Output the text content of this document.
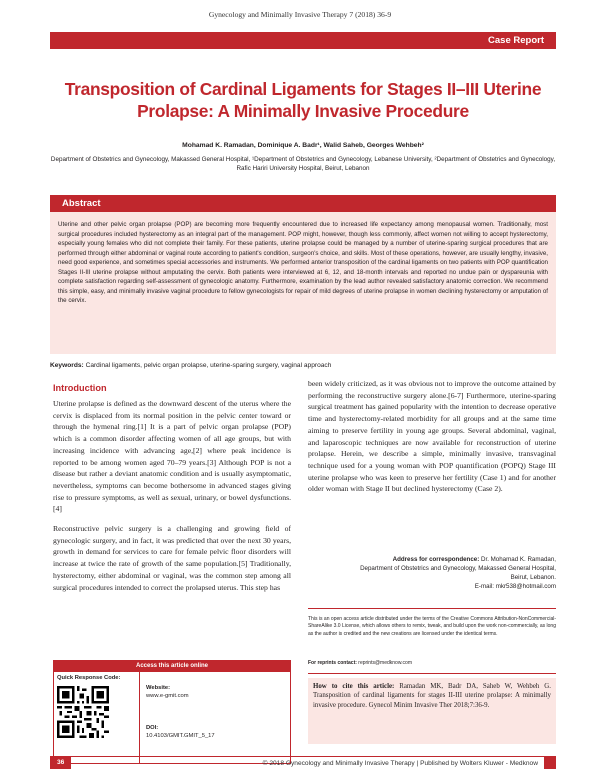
Gynecology and Minimally Invasive Therapy 7 (2018) 36-9
Case Report
Transposition of Cardinal Ligaments for Stages II–III Uterine Prolapse: A Minimally Invasive Procedure
Mohamad K. Ramadan, Dominique A. Badr¹, Walid Saheb, Georges Wehbeh²
Department of Obstetrics and Gynecology, Makassed General Hospital, ¹Department of Obstetrics and Gynecology, Lebanese University, ²Department of Obstetrics and Gynecology, Rafic Hariri University Hospital, Beirut, Lebanon
Abstract

Uterine and other pelvic organ prolapse (POP) are becoming more frequently encountered due to increased life expectancy among menopausal women. Traditionally, most surgical procedures included hysterectomy as an integral part of the management. POP might, however, though less commonly, affect women not willing to accept hysterectomy, especially young females who did not complete their family. For these patients, uterine prolapse could be managed by a number of uterine-sparing surgical procedures that are performed through either abdominal or vaginal route according to patient's condition, surgeon's choice, and skills. Most of these operations, however, are usually lengthy, invasive, need good experience, and sometimes special accessories and instruments. We performed anterior transposition of the cardinal ligaments on two patients with POP quantification Stages II-III uterine prolapse without amputating the cervix. Both patients were interviewed at 6, 12, and 18-month intervals and reported no undue pain or dyspareunia with complete satisfaction regarding self-assessment of gynecologic anatomy. Furthermore, examination by the lead author revealed satisfactory anatomic correction. We recommend this simple, easy, and minimally invasive vaginal procedure to fellow gynecologists for repair of mild degrees of uterine prolapse in women declining hysterectomy or amputation of the cervix.

Keywords: Cardinal ligaments, pelvic organ prolapse, uterine-sparing surgery, vaginal approach
Introduction

Uterine prolapse is defined as the downward descent of the uterus where the cervix is displaced from its normal position in the pelvic center toward or through the hymenal ring.[1] It is a part of pelvic organ prolapse (POP) which is a common disorder affecting women of all age groups, but with increasing incidence with advancing age,[2] where peak incidence is reported to be among women aged 70–79 years.[3] Although POP is not a disease but rather a deviant anatomic condition and is usually asymptomatic, nevertheless, symptoms can become bothersome in advanced stages giving rise to pressure symptoms, as well as sexual, urinary, or bowel dysfunctions.[4]

Reconstructive pelvic surgery is a challenging and growing field of gynecologic surgery, and in fact, it was predicted that over the next 30 years, growth in demand for services to care for female pelvic floor disorders will increase at twice the rate of growth of the same population.[5] Traditionally, hysterectomy, either abdominal or vaginal, was the common step among all surgical procedures intended to correct the prolapsed uterus. This step has

been widely criticized, as it was obvious not to improve the outcome attained by performing the reconstructive surgery alone.[6-7] Furthermore, uterine-sparing surgical treatment has gained popularity with the intention to decrease operative time and hysterectomy-related morbidity for all groups and at the same time aiming to preserve fertility in young age groups. Several abdominal, vaginal, and laparoscopic techniques are now available for reconstruction of uterine prolapse. Herein, we describe a simple, minimally invasive, transvaginal technique used for a young woman with POP quantification (POPQ) Stage III uterine prolapse who was keen to preserve her fertility (Case 1) and for another older woman with Stage II but declined hysterectomy (Case 2).

Address for correspondence: Dr. Mohamad K. Ramadan,
Department of Obstetrics and Gynecology, Makassed General Hospital,
Beirut, Lebanon.
E-mail: mkr538@hotmail.com
This is an open access article distributed under the terms of the Creative Commons Attribution-NonCommercial-ShareAlike 3.0 License, which allows others to remix, tweak, and build upon the work non-commercially, as long as the author is credited and the new creations are licensed under the identical terms.
For reprints contact: reprints@medknow.com
How to cite this article: Ramadan MK, Badr DA, Saheb W, Wehbeh G. Transposition of cardinal ligaments for stages II-III uterine prolapse: A minimally invasive procedure. Gynecol Minim Invasive Ther 2018;7:36-9.
Access this article online
Quick Response Code:
Website:
www.e-gmit.com
DOI:
10.4103/GMIT.GMIT_5_17
36	© 2018 Gynecology and Minimally Invasive Therapy | Published by Wolters Kluwer - Medknow
